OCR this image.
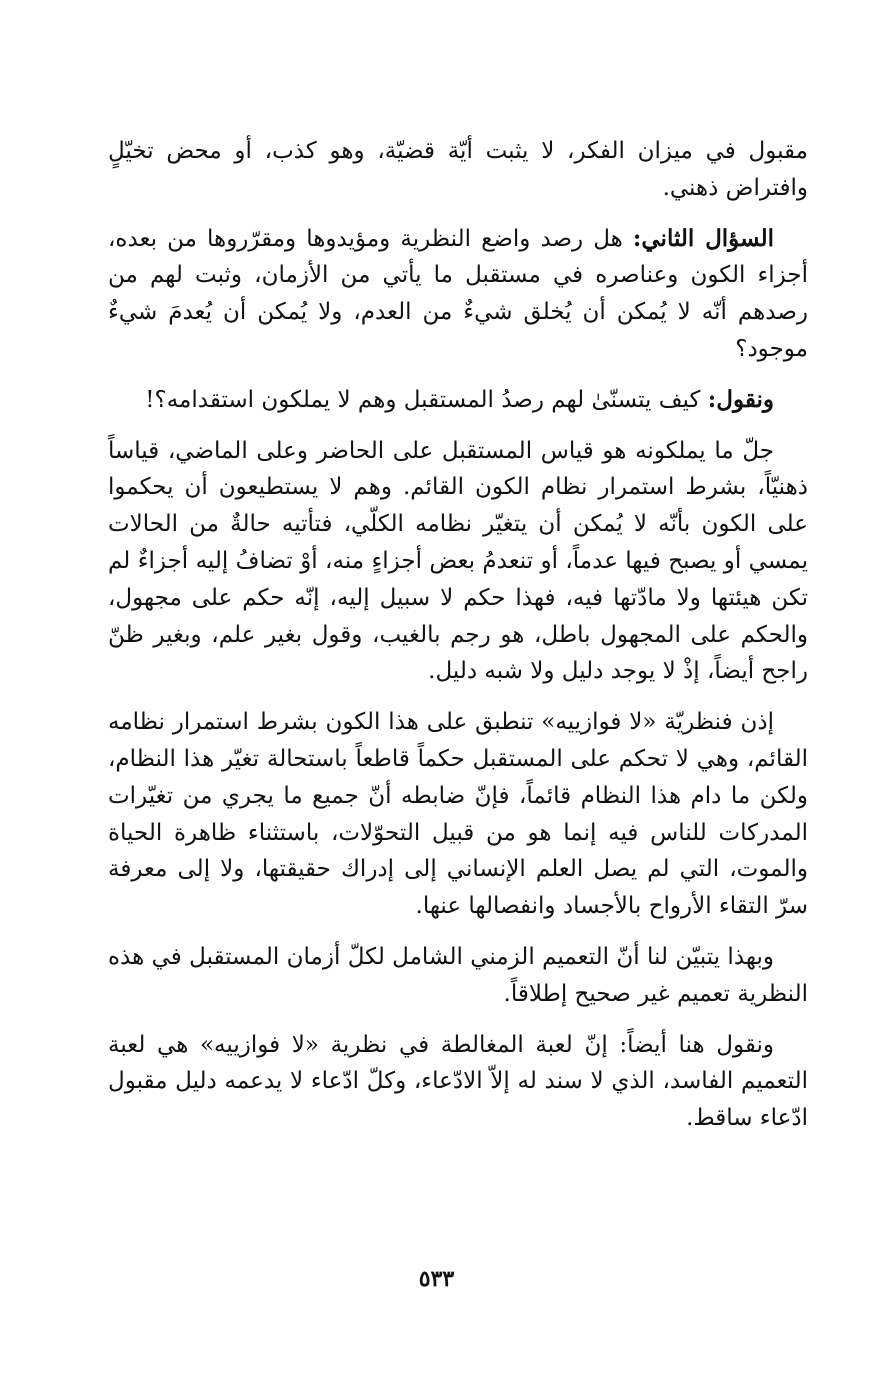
مقبول في ميزان الفكر، لا يثبت أيّة قضيّة، وهو كذب، أو محض تخيّلٍ وافتراض ذهني.

السؤال الثاني: هل رصد واضع النظرية ومؤيدوها ومقرّروها من بعده، أجزاء الكون وعناصره في مستقبل ما يأتي من الأزمان، وثبت لهم من رصدهم أنّه لا يُمكن أن يُخلق شيءٌ من العدم، ولا يُمكن أن يُعدمَ شيءٌ موجود؟

ونقول: كيف يتسنّىٰ لهم رصدُ المستقبل وهم لا يملكون استقدامه؟!

جلّ ما يملكونه هو قياس المستقبل على الحاضر وعلى الماضي، قياساً ذهنيّاً، بشرط استمرار نظام الكون القائم. وهم لا يستطيعون أن يحكموا على الكون بأنّه لا يُمكن أن يتغيّر نظامه الكلّي، فتأتيه حالةٌ من الحالات يمسي أو يصبح فيها عدماً، أو تنعدمُ بعض أجزاءٍ منه، أوْ تضافُ إليه أجزاءٌ لم تكن هيئتها ولا مادّتها فيه، فهذا حكم لا سبيل إليه، إنّه حكم على مجهول، والحكم على المجهول باطل، هو رجم بالغيب، وقول بغير علم، وبغير ظنّ راجح أيضاً، إذْ لا يوجد دليل ولا شبه دليل.

إذن فنظريّة «لا فوازييه» تنطبق على هذا الكون بشرط استمرار نظامه القائم، وهي لا تحكم على المستقبل حكماً قاطعاً باستحالة تغيّر هذا النظام، ولكن ما دام هذا النظام قائماً، فإنّ ضابطه أنّ جميع ما يجري من تغيّرات المدركات للناس فيه إنما هو من قبيل التحوّلات، باستثناء ظاهرة الحياة والموت، التي لم يصل العلم الإنساني إلى إدراك حقيقتها، ولا إلى معرفة سرّ التقاء الأرواح بالأجساد وانفصالها عنها.

وبهذا يتبيّن لنا أنّ التعميم الزمني الشامل لكلّ أزمان المستقبل في هذه النظرية تعميم غير صحيح إطلاقاً.

ونقول هنا أيضاً: إنّ لعبة المغالطة في نظرية «لا فوازييه» هي لعبة التعميم الفاسد، الذي لا سند له إلاّ الادّعاء، وكلّ ادّعاء لا يدعمه دليل مقبول ادّعاء ساقط.

٥٣٣
